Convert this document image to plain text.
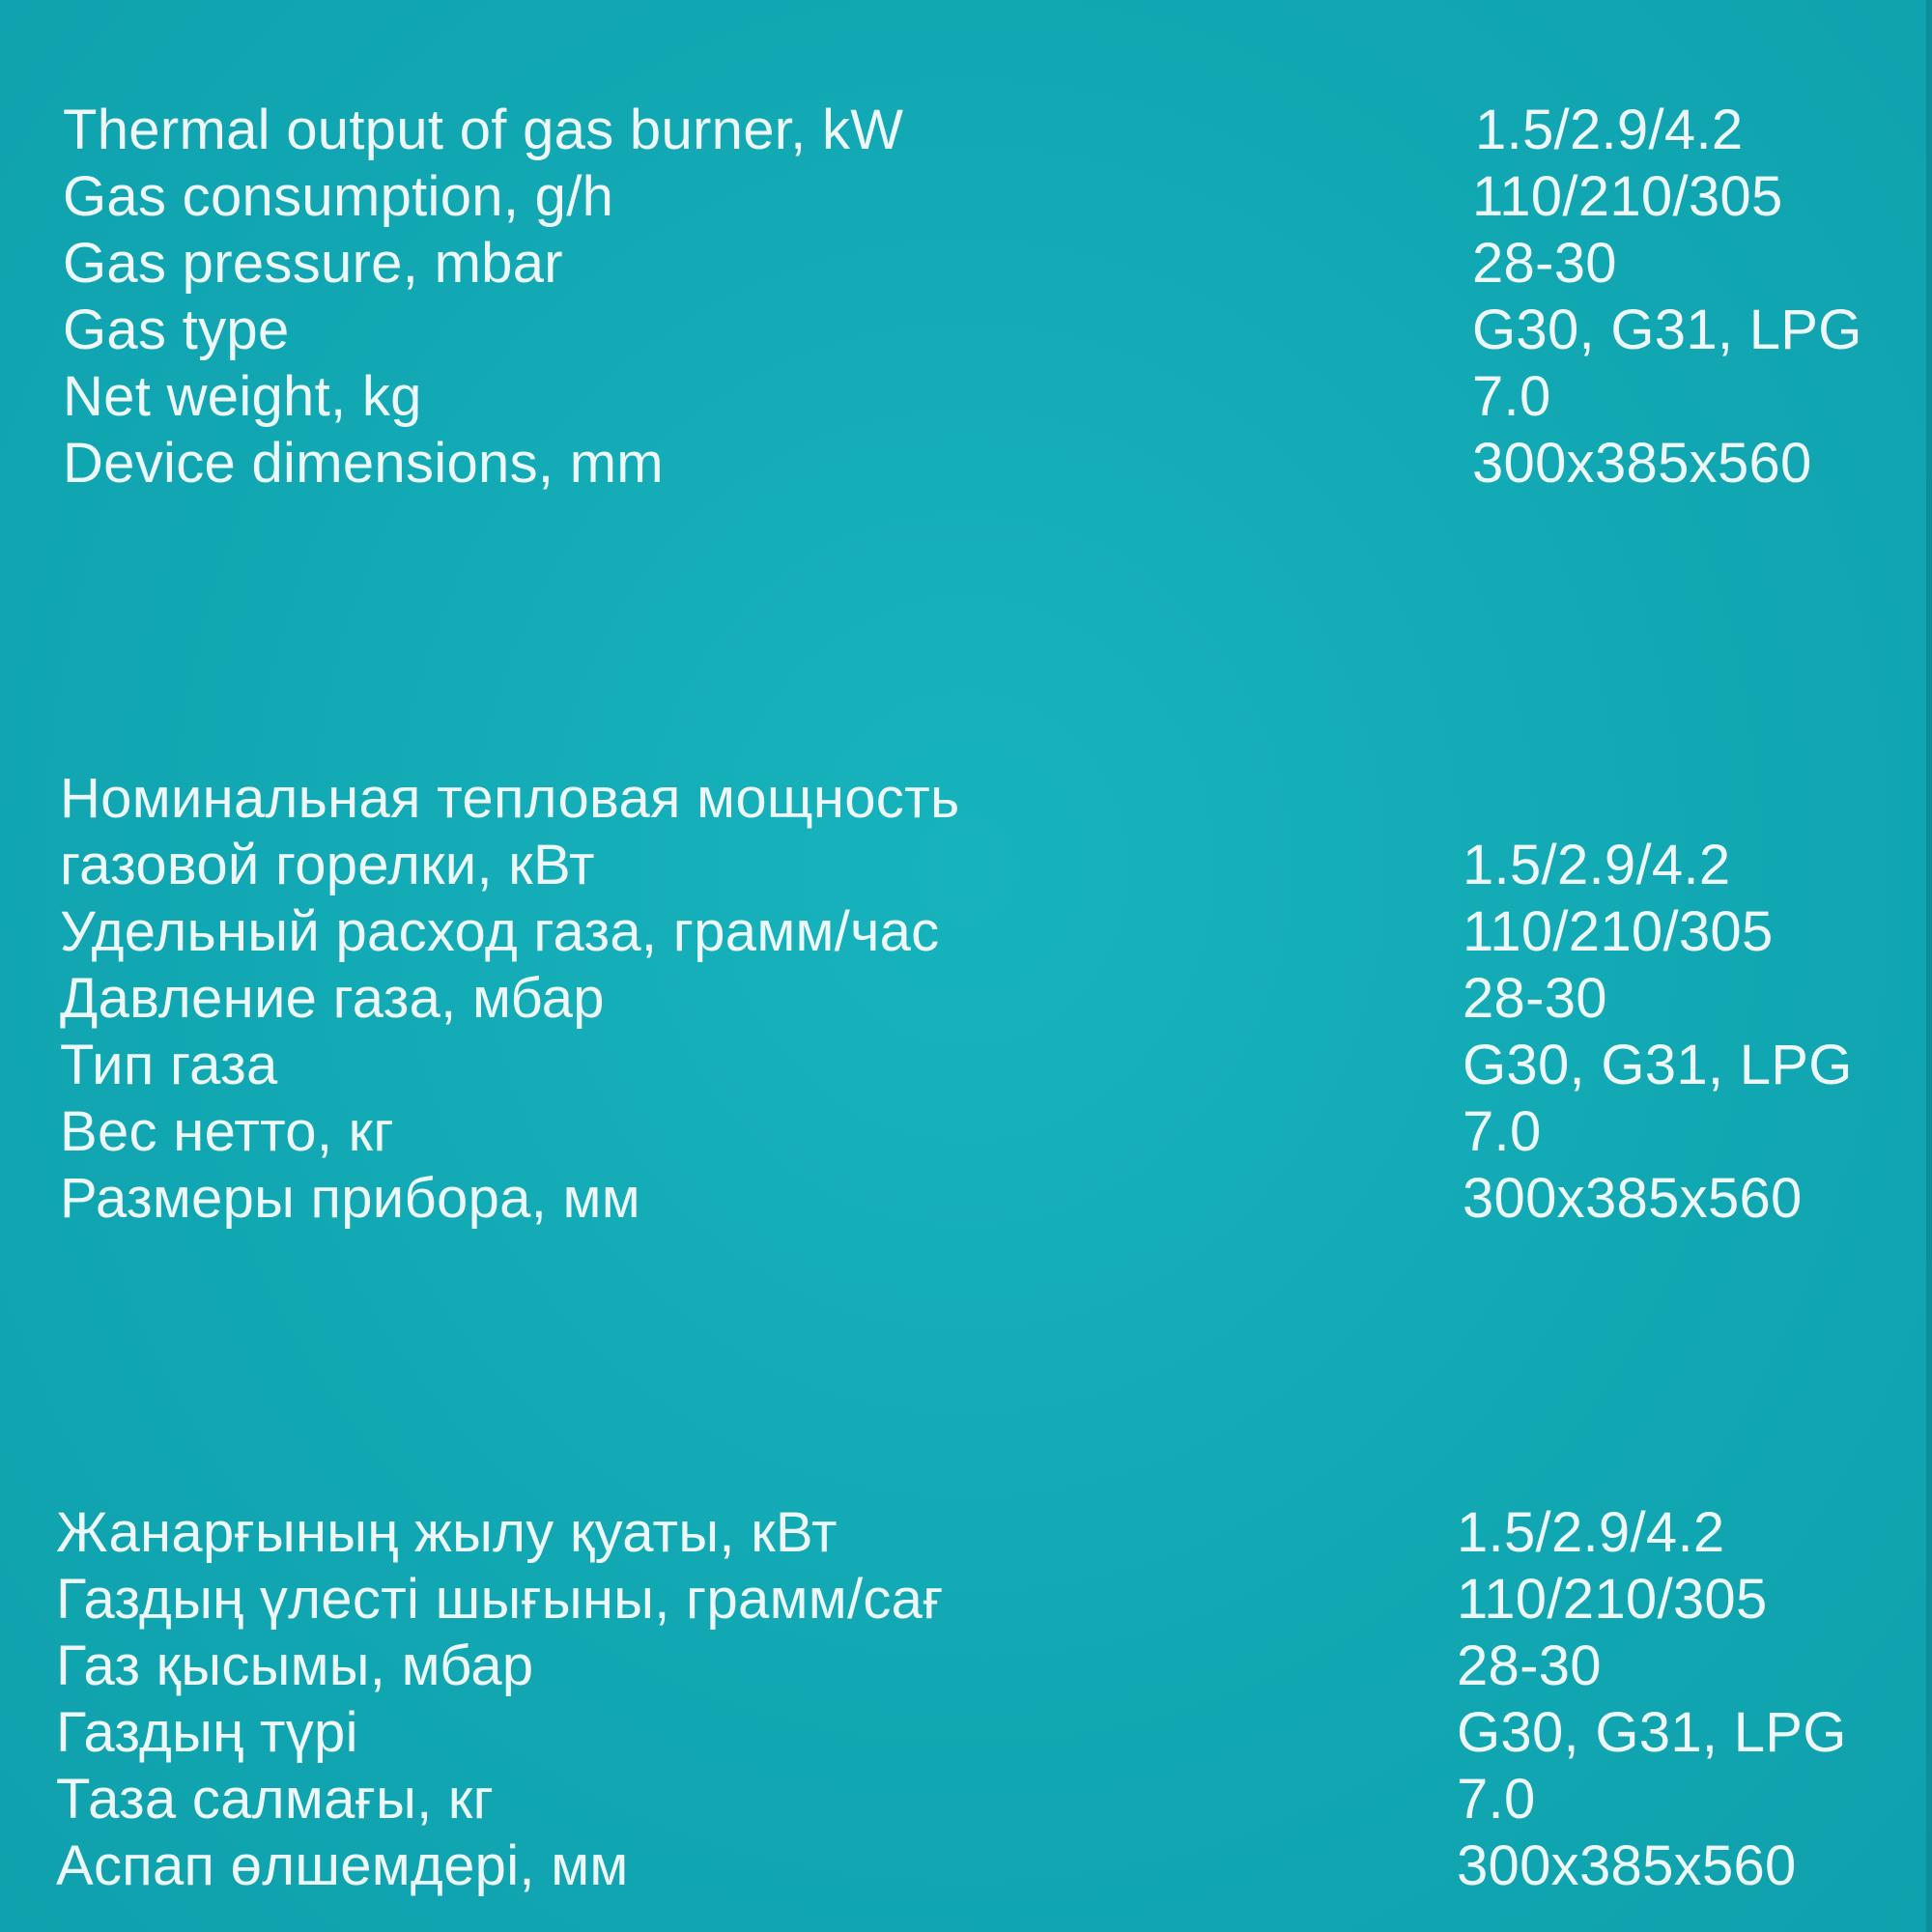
Thermal output of gas burner, kW	1.5/2.9/4.2
Gas consumption, g/h	110/210/305
Gas pressure, mbar	28-30
Gas type	G30, G31, LPG
Net weight, kg	7.0
Device dimensions, mm	300x385x560
Номинальная тепловая мощность
газовой горелки, кВт	1.5/2.9/4.2
Удельный расход газа, грамм/час	110/210/305
Давление газа, мбар	28-30
Тип газа	G30, G31, LPG
Вес нетто, кг	7.0
Размеры прибора, мм	300x385x560
Жанарғының жылу қуаты, кВт	1.5/2.9/4.2
Газдың үлестi шығыны, грамм/сағ	110/210/305
Газ қысымы, мбар	28-30
Газдың түрi	G30, G31, LPG
Таза салмағы, кг	7.0
Аспап өлшемдерi, мм	300x385x560
